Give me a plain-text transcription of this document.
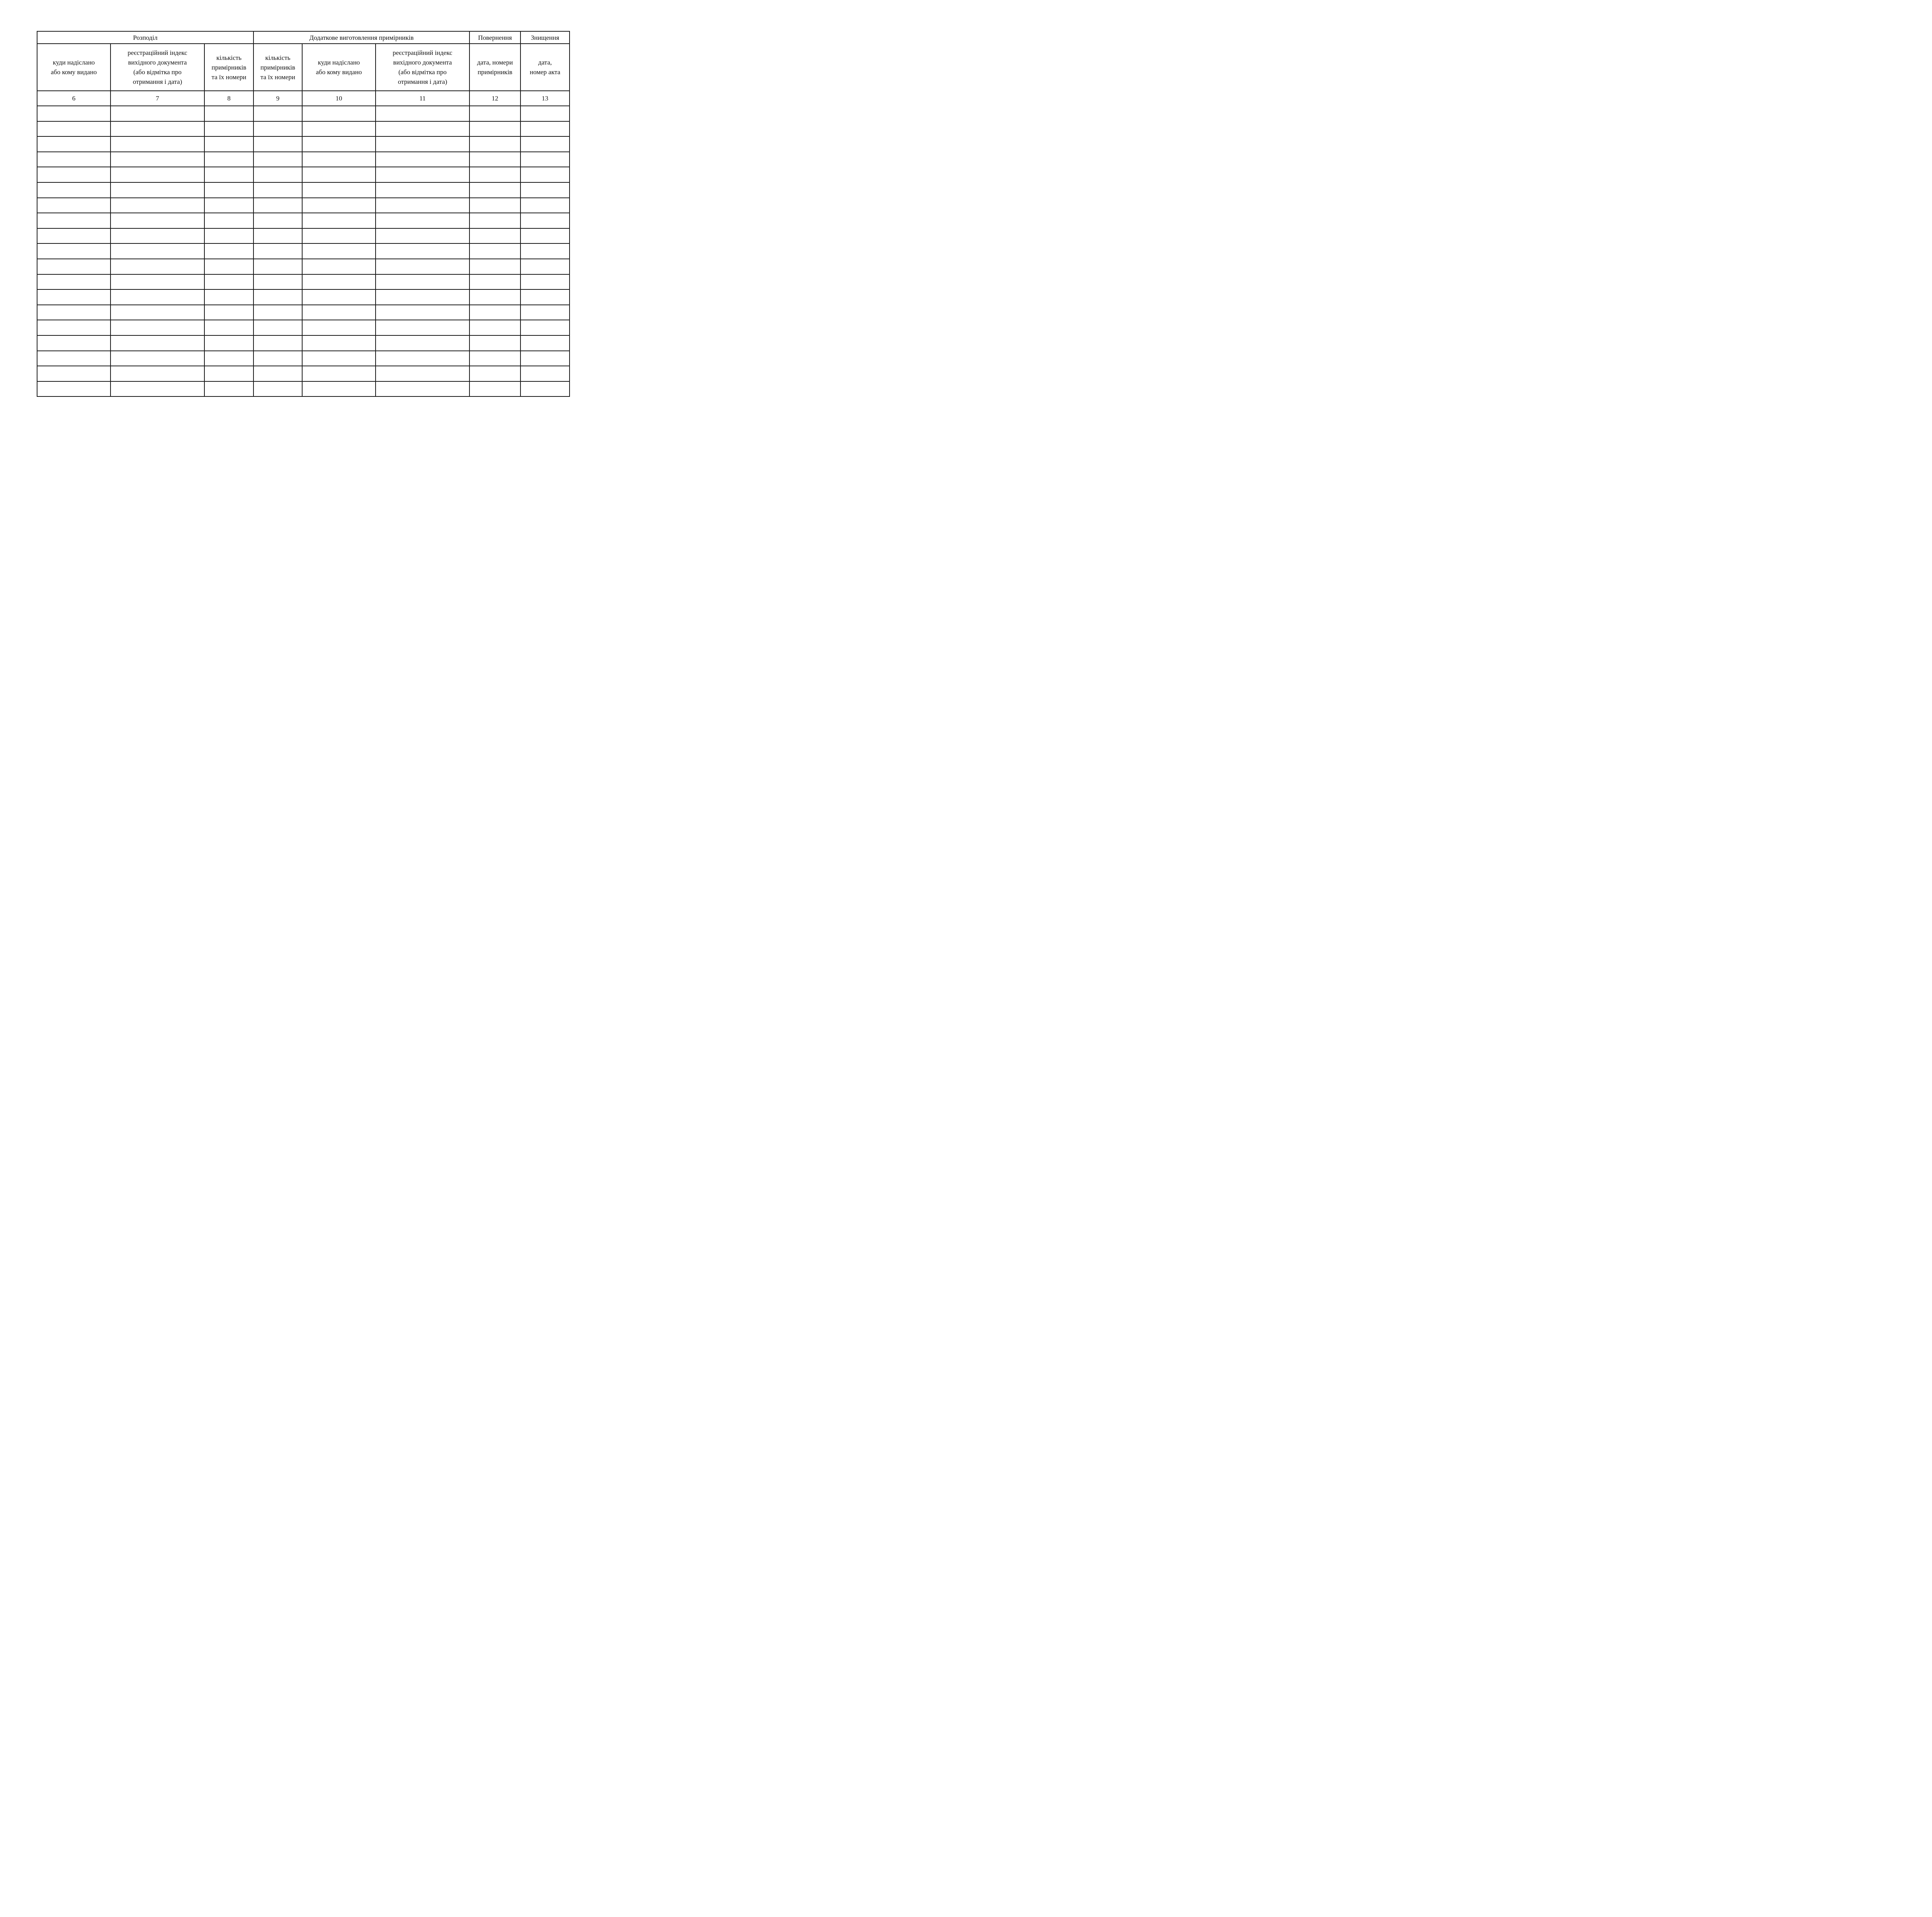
Розподіл			Додаткове виготовлення примірників			Повернення	Знищення

куди надіслано
або кому видано	реєстраційний індекс
вихідного документа
(або відмітка про
отримання і дата)	кількість
примірників
та їх номери	кількість
примірників
та їх номери	куди надіслано
або кому видано	реєстраційний індекс
вихідного документа
(або відмітка про
отримання і дата)	дата, номери
примірників	дата,
номер акта

6	7	8	9	10	11	12	13
